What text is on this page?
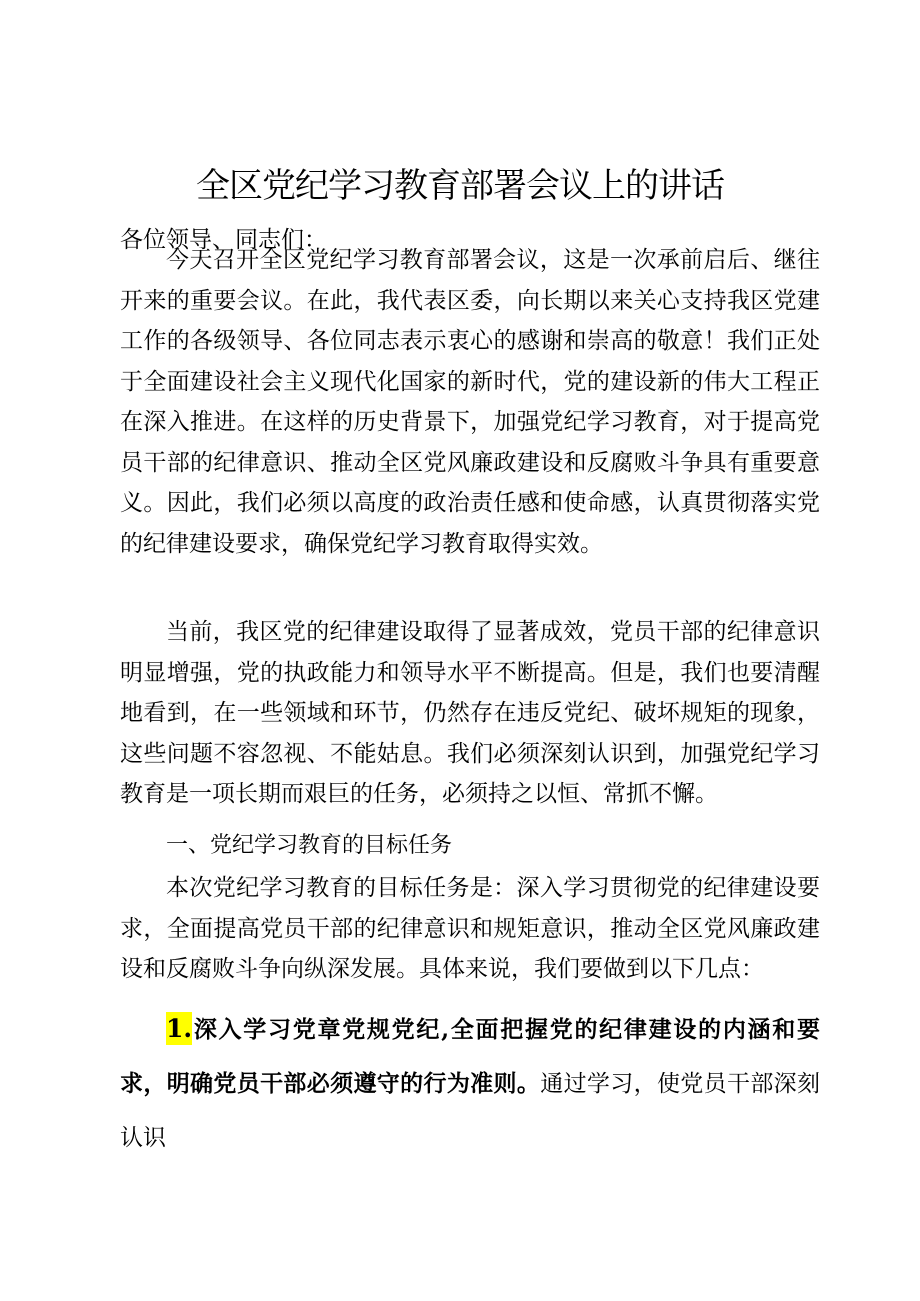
全区党纪学习教育部署会议上的讲话
各位领导、同志们：

今天召开全区党纪学习教育部署会议，这是一次承前启后、继往开来的重要会议。在此，我代表区委，向长期以来关心支持我区党建工作的各级领导、各位同志表示衷心的感谢和崇高的敬意！我们正处于全面建设社会主义现代化国家的新时代，党的建设新的伟大工程正在深入推进。在这样的历史背景下，加强党纪学习教育，对于提高党员干部的纪律意识、推动全区党风廉政建设和反腐败斗争具有重要意义。因此，我们必须以高度的政治责任感和使命感，认真贯彻落实党的纪律建设要求，确保党纪学习教育取得实效。

当前，我区党的纪律建设取得了显著成效，党员干部的纪律意识明显增强，党的执政能力和领导水平不断提高。但是，我们也要清醒地看到，在一些领域和环节，仍然存在违反党纪、破坏规矩的现象，这些问题不容忽视、不能姑息。我们必须深刻认识到，加强党纪学习教育是一项长期而艰巨的任务，必须持之以恒、常抓不懈。

一、党纪学习教育的目标任务

本次党纪学习教育的目标任务是：深入学习贯彻党的纪律建设要求，全面提高党员干部的纪律意识和规矩意识，推动全区党风廉政建设和反腐败斗争向纵深发展。具体来说，我们要做到以下几点：

1.深入学习党章党规党纪,全面把握党的纪律建设的内涵和要求，明确党员干部必须遵守的行为准则。通过学习，使党员干部深刻认识
